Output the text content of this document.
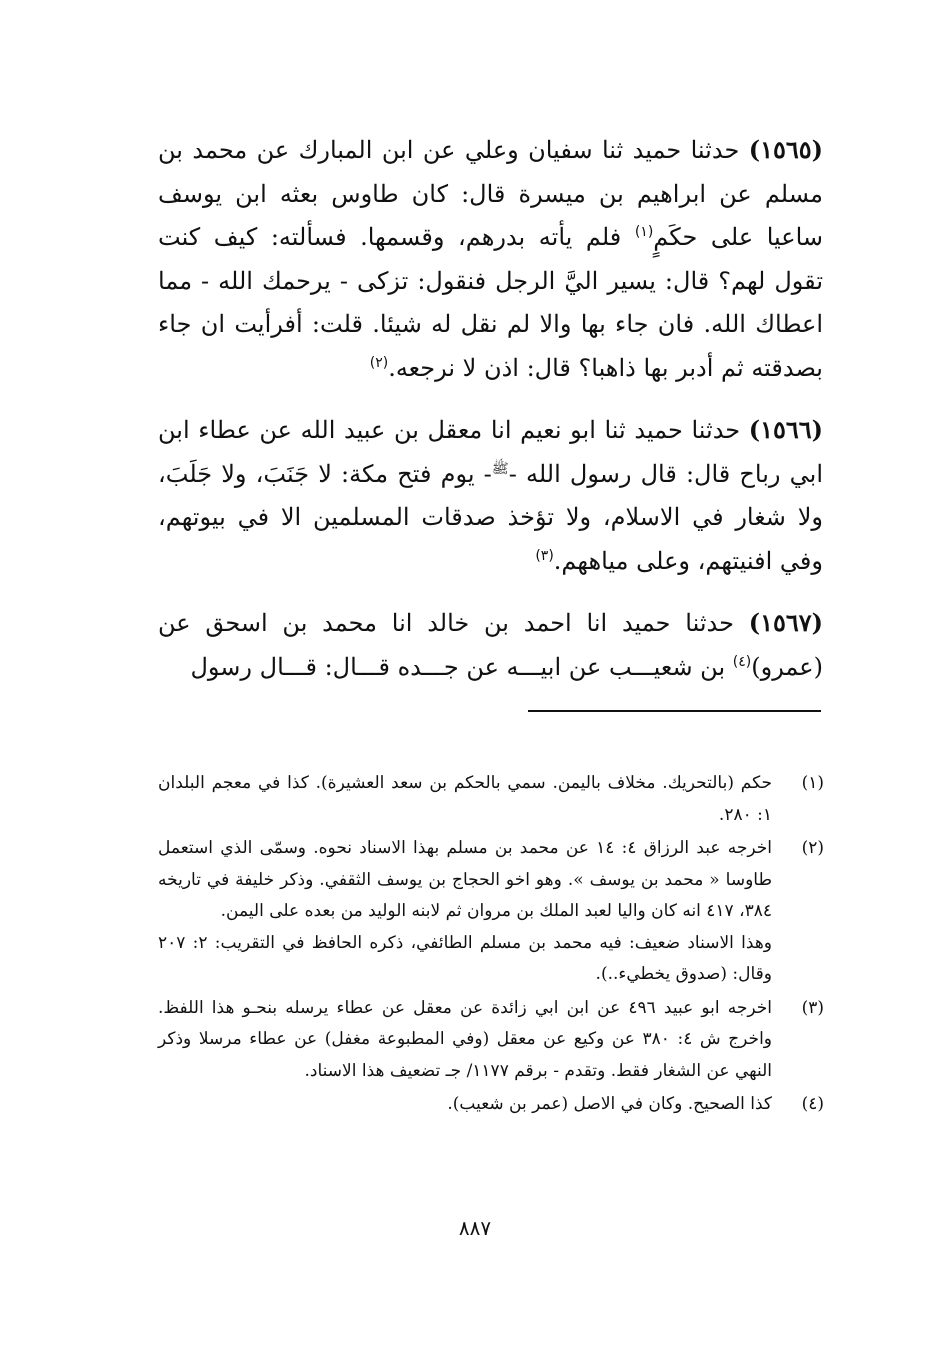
(١٥٦٥) حدثنا حميد ثنا سفيان وعلي عن ابن المبارك عن محمد بن مسلم عن ابراهيم بن ميسرة قال: كان طاوس بعثه ابن يوسف ساعيا على حكَمٍ$^{(١)}$ فلم يأته بدرهم، وقسمها. فسألته: كيف كنت تقول لهم؟ قال: يسير اليَّ الرجل فنقول: تزكى - يرحمك الله - مما اعطاك الله. فان جاء بها والا لم نقل له شيئا. قلت: أفرأيت ان جاء بصدقته ثم أدبر بها ذاهبا؟ قال: اذن لا نرجعه.$^{(٢)}$

(١٥٦٦) حدثنا حميد ثنا ابو نعيم انا معقل بن عبيد الله عن عطاء ابن ابي رباح قال: قال رسول الله -$^ﷺ$- يوم فتح مكة: لا جَنَبَ، ولا جَلَبَ، ولا شغار في الاسلام، ولا تؤخذ صدقات المسلمين الا في بيوتهم، وفي افنيتهم، وعلى مياههم.$^{(٣)}$

(١٥٦٧) حدثنا حميد انا احمد بن خالد انا محمد بن اسحق عن (عمرو)$^{(٤)}$ بن شعيـــب عن ابيـــه عن جـــده قـــال: قـــال رسول

(١)

حكم (بالتحريك. مخلاف باليمن. سمي بالحكم بن سعد العشيرة). كذا في معجم البلدان ١: ٢٨٠.

(٢)

اخرجه عبد الرزاق ٤: ١٤ عن محمد بن مسلم بهذا الاسناد نحوه. وسمّى الذي استعمل طاوسا « محمد بن يوسف ». وهو اخو الحجاج بن يوسف الثقفي. وذكر خليفة في تاريخه ٣٨٤، ٤١٧ انه كان واليا لعبد الملك بن مروان ثم لابنه الوليد من بعده على اليمن.

وهذا الاسناد ضعيف: فيه محمد بن مسلم الطائفي، ذكره الحافظ في التقريب: ٢: ٢٠٧ وقال: (صدوق يخطيء..).

(٣)

اخرجه ابو عبيد ٤٩٦ عن ابن ابي زائدة عن معقل عن عطاء يرسله بنحـو هذا اللفظ. واخرج ش ٤: ٣٨٠ عن وكيع عن معقل (وفي المطبوعة مغفل) عن عطاء مرسلا وذكر النهي عن الشغار فقط. وتقدم - برقم ١١٧٧/ جـ تضعيف هذا الاسناد.

(٤)

كذا الصحيح. وكان في الاصل (عمر بن شعيب).

٨٨٧
